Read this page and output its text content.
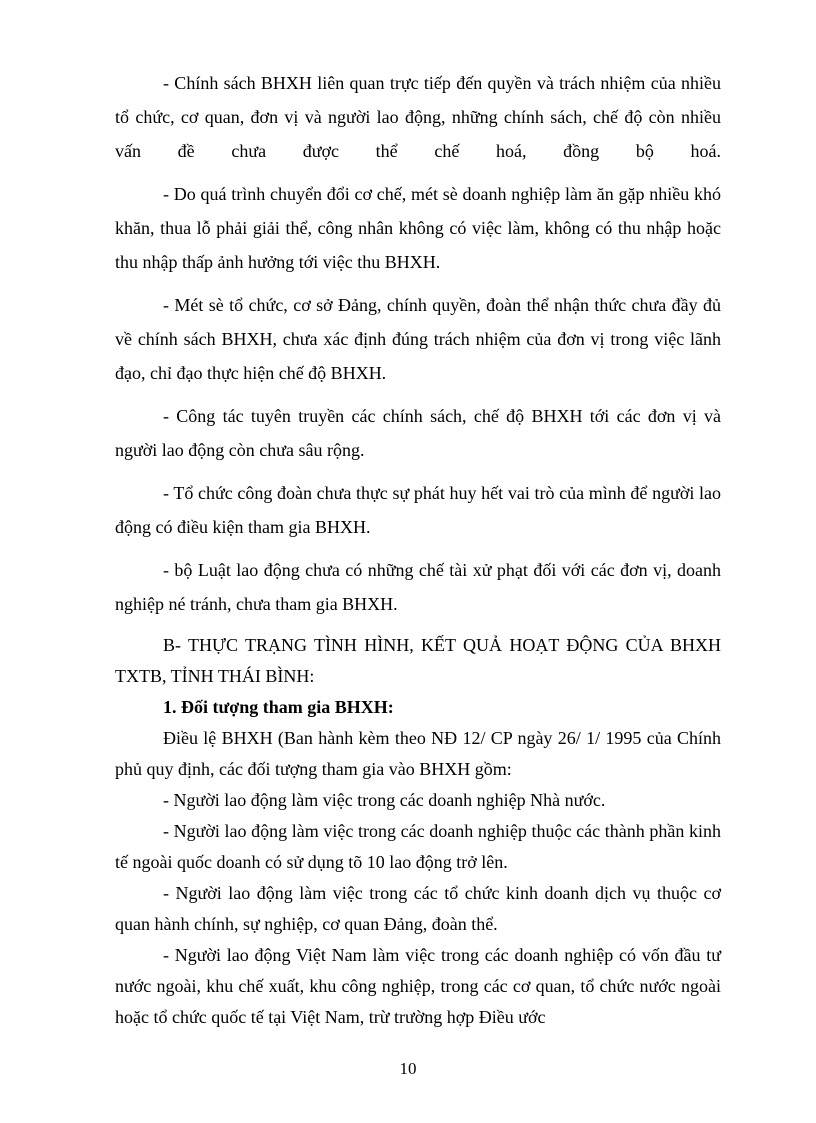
- Chính sách BHXH liên quan trực tiếp đến quyền và trách nhiệm của nhiều tổ chức, cơ quan, đơn vị và người lao động, những chính sách, chế độ còn nhiều vấn đề chưa được thể chế hoá, đồng bộ hoá.

- Do quá trình chuyển đổi cơ chế, mét sè doanh nghiệp làm ăn gặp nhiều khó khăn, thua lỗ phải giải thể, công nhân không có việc làm, không có thu nhập hoặc thu nhập thấp ảnh hưởng tới việc thu BHXH.

- Mét sè tổ chức, cơ sở Đảng, chính quyền, đoàn thể nhận thức chưa đầy đủ về chính sách BHXH, chưa xác định đúng trách nhiệm của đơn vị trong việc lãnh đạo, chỉ đạo thực hiện chế độ BHXH.

- Công tác tuyên truyền các chính sách, chế độ BHXH tới các đơn vị và người lao động còn chưa sâu rộng.

- Tổ chức công đoàn chưa thực sự phát huy hết vai trò của mình để người lao động có điều kiện tham gia BHXH.

- bộ Luật lao động chưa có những chế tài xử phạt đối với các đơn vị, doanh nghiệp né tránh, chưa tham gia BHXH.

B- THỰC TRẠNG TÌNH HÌNH, KẾT QUẢ HOẠT ĐỘNG CỦA BHXH TXTB, TỈNH THÁI BÌNH:

1. Đối tượng tham gia BHXH:

Điều lệ BHXH (Ban hành kèm theo NĐ 12/ CP ngày 26/ 1/ 1995 của Chính phủ quy định, các đối tượng tham gia vào BHXH gồm:

- Người lao động làm việc trong các doanh nghiệp Nhà nước.

- Người lao động làm việc trong các doanh nghiệp thuộc các thành phần kinh tế ngoài quốc doanh có sử dụng tõ 10 lao động trở lên.

- Người lao động làm việc trong các tổ chức kinh doanh dịch vụ thuộc cơ quan hành chính, sự nghiệp, cơ quan Đảng, đoàn thể.

- Người lao động Việt Nam làm việc trong các doanh nghiệp có vốn đầu tư nước ngoài, khu chế xuất, khu công nghiệp, trong các cơ quan, tổ chức nước ngoài hoặc tổ chức quốc tế tại Việt Nam, trừ trường hợp Điều ước

10
